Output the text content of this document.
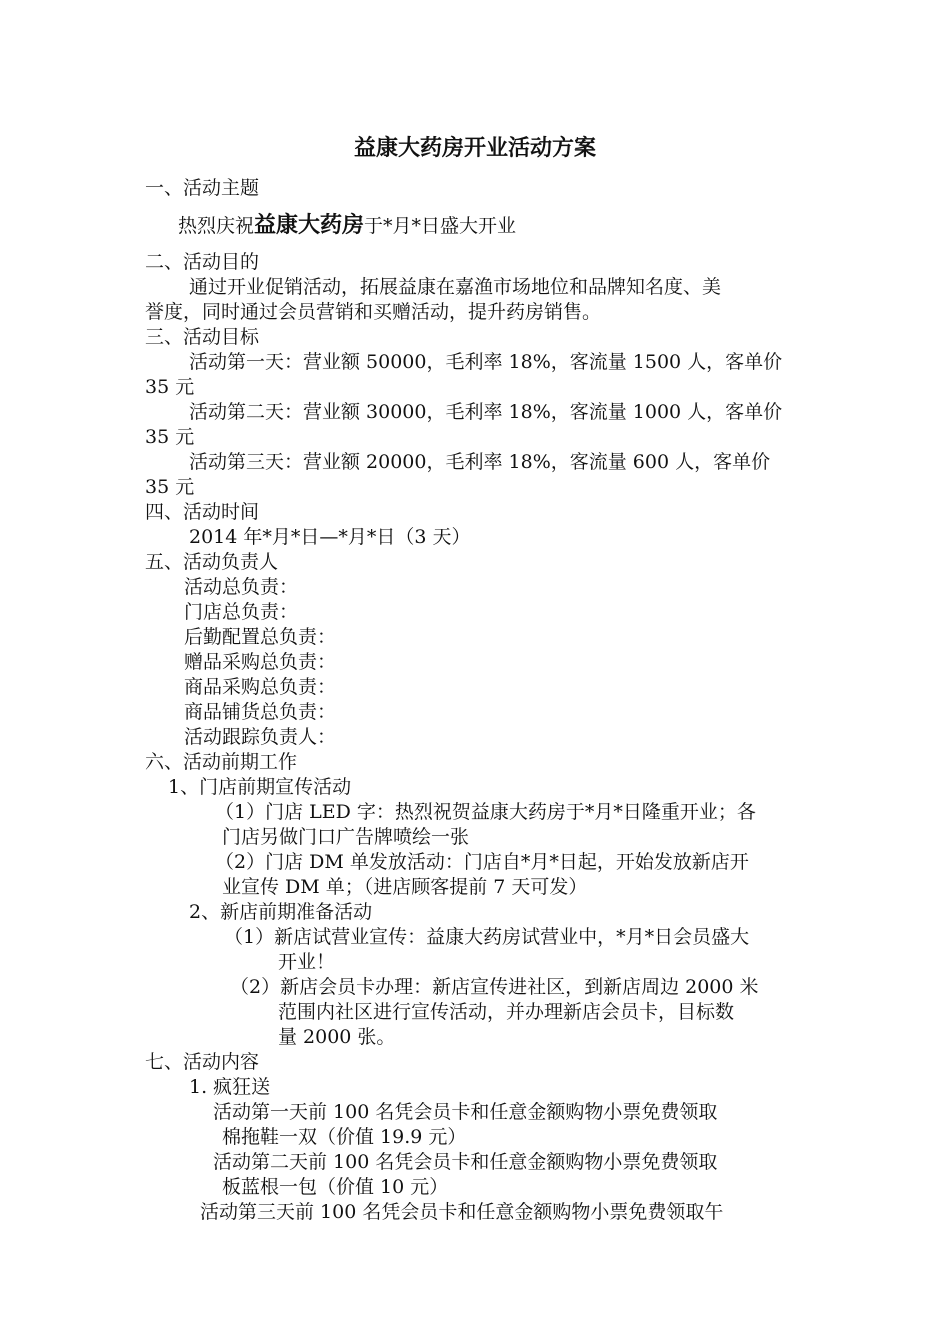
益康大药房开业活动方案
一、活动主题
热烈庆祝益康大药房于*月*日盛大开业
二、活动目的
通过开业促销活动，拓展益康在嘉渔市场地位和品牌知名度、美
誉度，同时通过会员营销和买赠活动，提升药房销售。
三、活动目标
活动第一天：营业额 50000，毛利率 18%，客流量 1500 人，客单价
35 元
活动第二天：营业额 30000，毛利率 18%，客流量 1000 人，客单价
35 元
活动第三天：营业额 20000，毛利率 18%，客流量 600 人，客单价
35 元
四、活动时间
2014 年*月*日—*月*日（3 天）
五、活动负责人
活动总负责：
门店总负责：
后勤配置总负责：
赠品采购总负责：
商品采购总负责：
商品铺货总负责：
活动跟踪负责人：
六、活动前期工作
1、门店前期宣传活动
（1）门店 LED 字：热烈祝贺益康大药房于*月*日隆重开业；各
门店另做门口广告牌喷绘一张
（2）门店 DM 单发放活动：门店自*月*日起，开始发放新店开
业宣传 DM 单；（进店顾客提前 7 天可发）
2、新店前期准备活动
（1）新店试营业宣传：益康大药房试营业中，*月*日会员盛大
开业！
（2）新店会员卡办理：新店宣传进社区，到新店周边 2000 米
范围内社区进行宣传活动，并办理新店会员卡，目标数
量 2000 张。
七、活动内容
1. 疯狂送
活动第一天前 100 名凭会员卡和任意金额购物小票免费领取
棉拖鞋一双（价值 19.9 元）
活动第二天前 100 名凭会员卡和任意金额购物小票免费领取
板蓝根一包（价值 10 元）
活动第三天前 100 名凭会员卡和任意金额购物小票免费领取午
